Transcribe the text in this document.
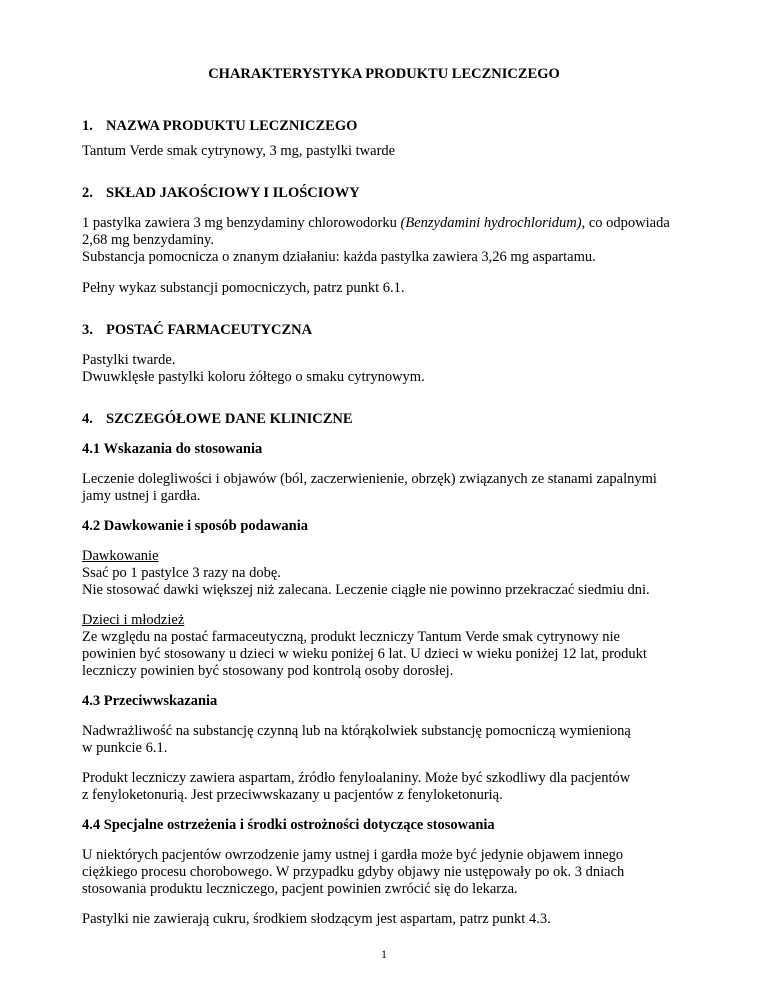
CHARAKTERYSTYKA PRODUKTU LECZNICZEGO

1. NAZWA PRODUKTU LECZNICZEGO

Tantum Verde smak cytrynowy, 3 mg, pastylki twarde

2. SKŁAD JAKOŚCIOWY I ILOŚCIOWY

1 pastylka zawiera 3 mg benzydaminy chlorowodorku (Benzydamini hydrochloridum), co odpowiada

2,68 mg benzydaminy.

Substancja pomocnicza o znanym działaniu: każda pastylka zawiera 3,26 mg aspartamu.

Pełny wykaz substancji pomocniczych, patrz punkt 6.1.

3. POSTAĆ FARMACEUTYCZNA

Pastylki twarde.

Dwuwklęsłe pastylki koloru żółtego o smaku cytrynowym.

4. SZCZEGÓŁOWE DANE KLINICZNE

4.1 Wskazania do stosowania

Leczenie dolegliwości i objawów (ból, zaczerwienienie, obrzęk) związanych ze stanami zapalnymi

jamy ustnej i gardła.

4.2 Dawkowanie i sposób podawania

Dawkowanie

Ssać po 1 pastylce 3 razy na dobę.

Nie stosować dawki większej niż zalecana. Leczenie ciągłe nie powinno przekraczać siedmiu dni.

Dzieci i młodzież

Ze względu na postać farmaceutyczną, produkt leczniczy Tantum Verde smak cytrynowy nie

powinien być stosowany u dzieci w wieku poniżej 6 lat. U dzieci w wieku poniżej 12 lat, produkt

leczniczy powinien być stosowany pod kontrolą osoby dorosłej.

4.3 Przeciwwskazania

Nadwrażliwość na substancję czynną lub na którąkolwiek substancję pomocniczą wymienioną

w punkcie 6.1.

Produkt leczniczy zawiera aspartam, źródło fenyloalaniny. Może być szkodliwy dla pacjentów

z fenyloketonurią. Jest przeciwwskazany u pacjentów z fenyloketonurią.

4.4 Specjalne ostrzeżenia i środki ostrożności dotyczące stosowania

U niektórych pacjentów owrzodzenie jamy ustnej i gardła może być jedynie objawem innego

ciężkiego procesu chorobowego. W przypadku gdyby objawy nie ustępowały po ok. 3 dniach

stosowania produktu leczniczego, pacjent powinien zwrócić się do lekarza.

Pastylki nie zawierają cukru, środkiem słodzącym jest aspartam, patrz punkt 4.3.

1
